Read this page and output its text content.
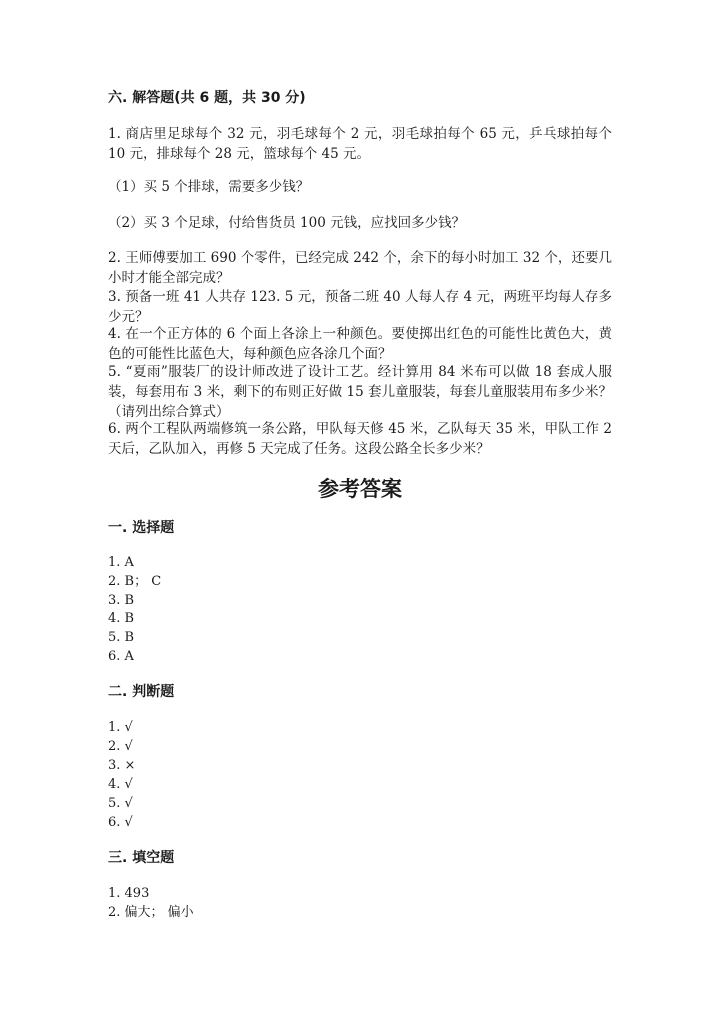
六. 解答题(共 6 题，共 30 分)
1. 商店里足球每个 32 元，羽毛球每个 2 元，羽毛球拍每个 65 元，乒乓球拍每个 10 元，排球每个 28 元，篮球每个 45 元。
（1）买 5 个排球，需要多少钱？
（2）买 3 个足球，付给售货员 100 元钱，应找回多少钱？
2. 王师傅要加工 690 个零件，已经完成 242 个，余下的每小时加工 32 个，还要几小时才能全部完成？
3. 预备一班 41 人共存 123. 5 元，预备二班 40 人每人存 4 元，两班平均每人存多少元？
4. 在一个正方体的 6 个面上各涂上一种颜色。要使掷出红色的可能性比黄色大，黄色的可能性比蓝色大，每种颜色应各涂几个面？
5. “夏雨”服装厂的设计师改进了设计工艺。经计算用 84 米布可以做 18 套成人服装，每套用布 3 米，剩下的布则正好做 15 套儿童服装，每套儿童服装用布多少米？（请列出综合算式）
6. 两个工程队两端修筑一条公路，甲队每天修 45 米，乙队每天 35 米，甲队工作 2 天后，乙队加入，再修 5 天完成了任务。这段公路全长多少米？
参考答案
一. 选择题
1. A
2. B； C
3. B
4. B
5. B
6. A
二. 判断题
1. √
2. √
3. ×
4. √
5. √
6. √
三. 填空题
1. 493
2. 偏大； 偏小
